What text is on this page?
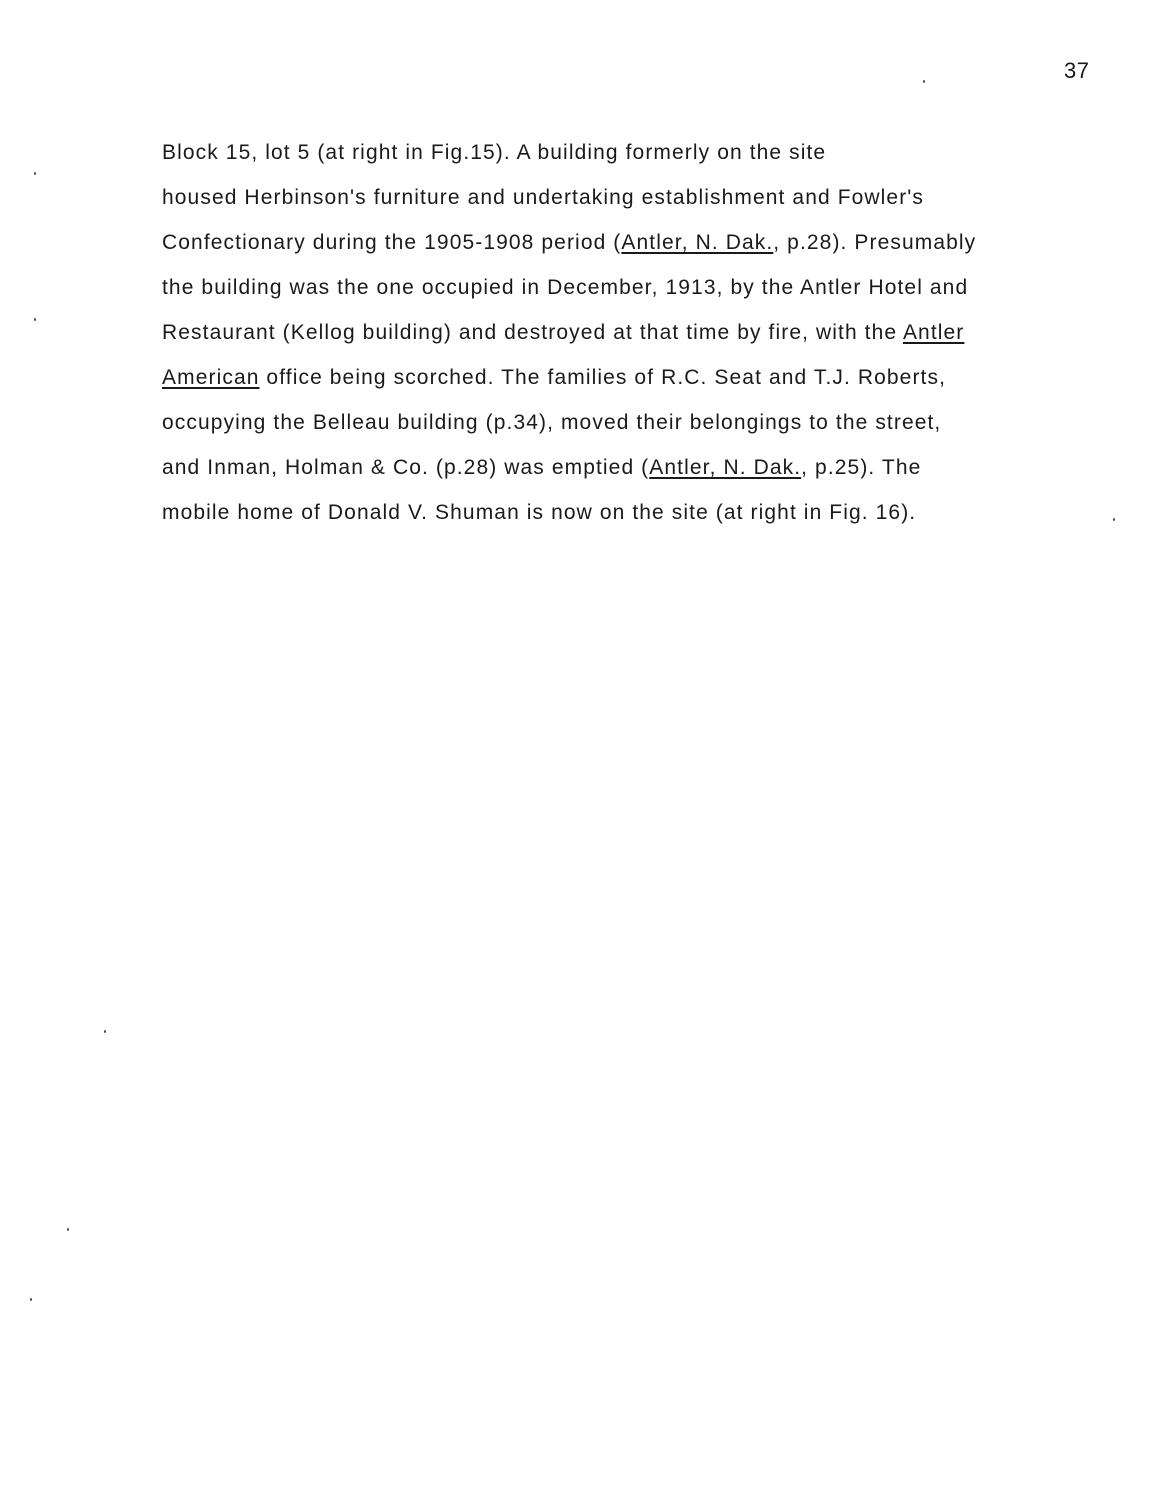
37
Block 15, lot 5 (at right in Fig.15). A building formerly on the site
housed Herbinson's furniture and undertaking establishment and Fowler's
Confectionary during the 1905-1908 period (Antler, N. Dak., p.28). Presumably
the building was the one occupied in December, 1913, by the Antler Hotel and
Restaurant (Kellog building) and destroyed at that time by fire, with the Antler
American office being scorched. The families of R.C. Seat and T.J. Roberts,
occupying the Belleau building (p.34), moved their belongings to the street,
and Inman, Holman & Co. (p.28) was emptied (Antler, N. Dak., p.25). The
mobile home of Donald V. Shuman is now on the site (at right in Fig. 16).
